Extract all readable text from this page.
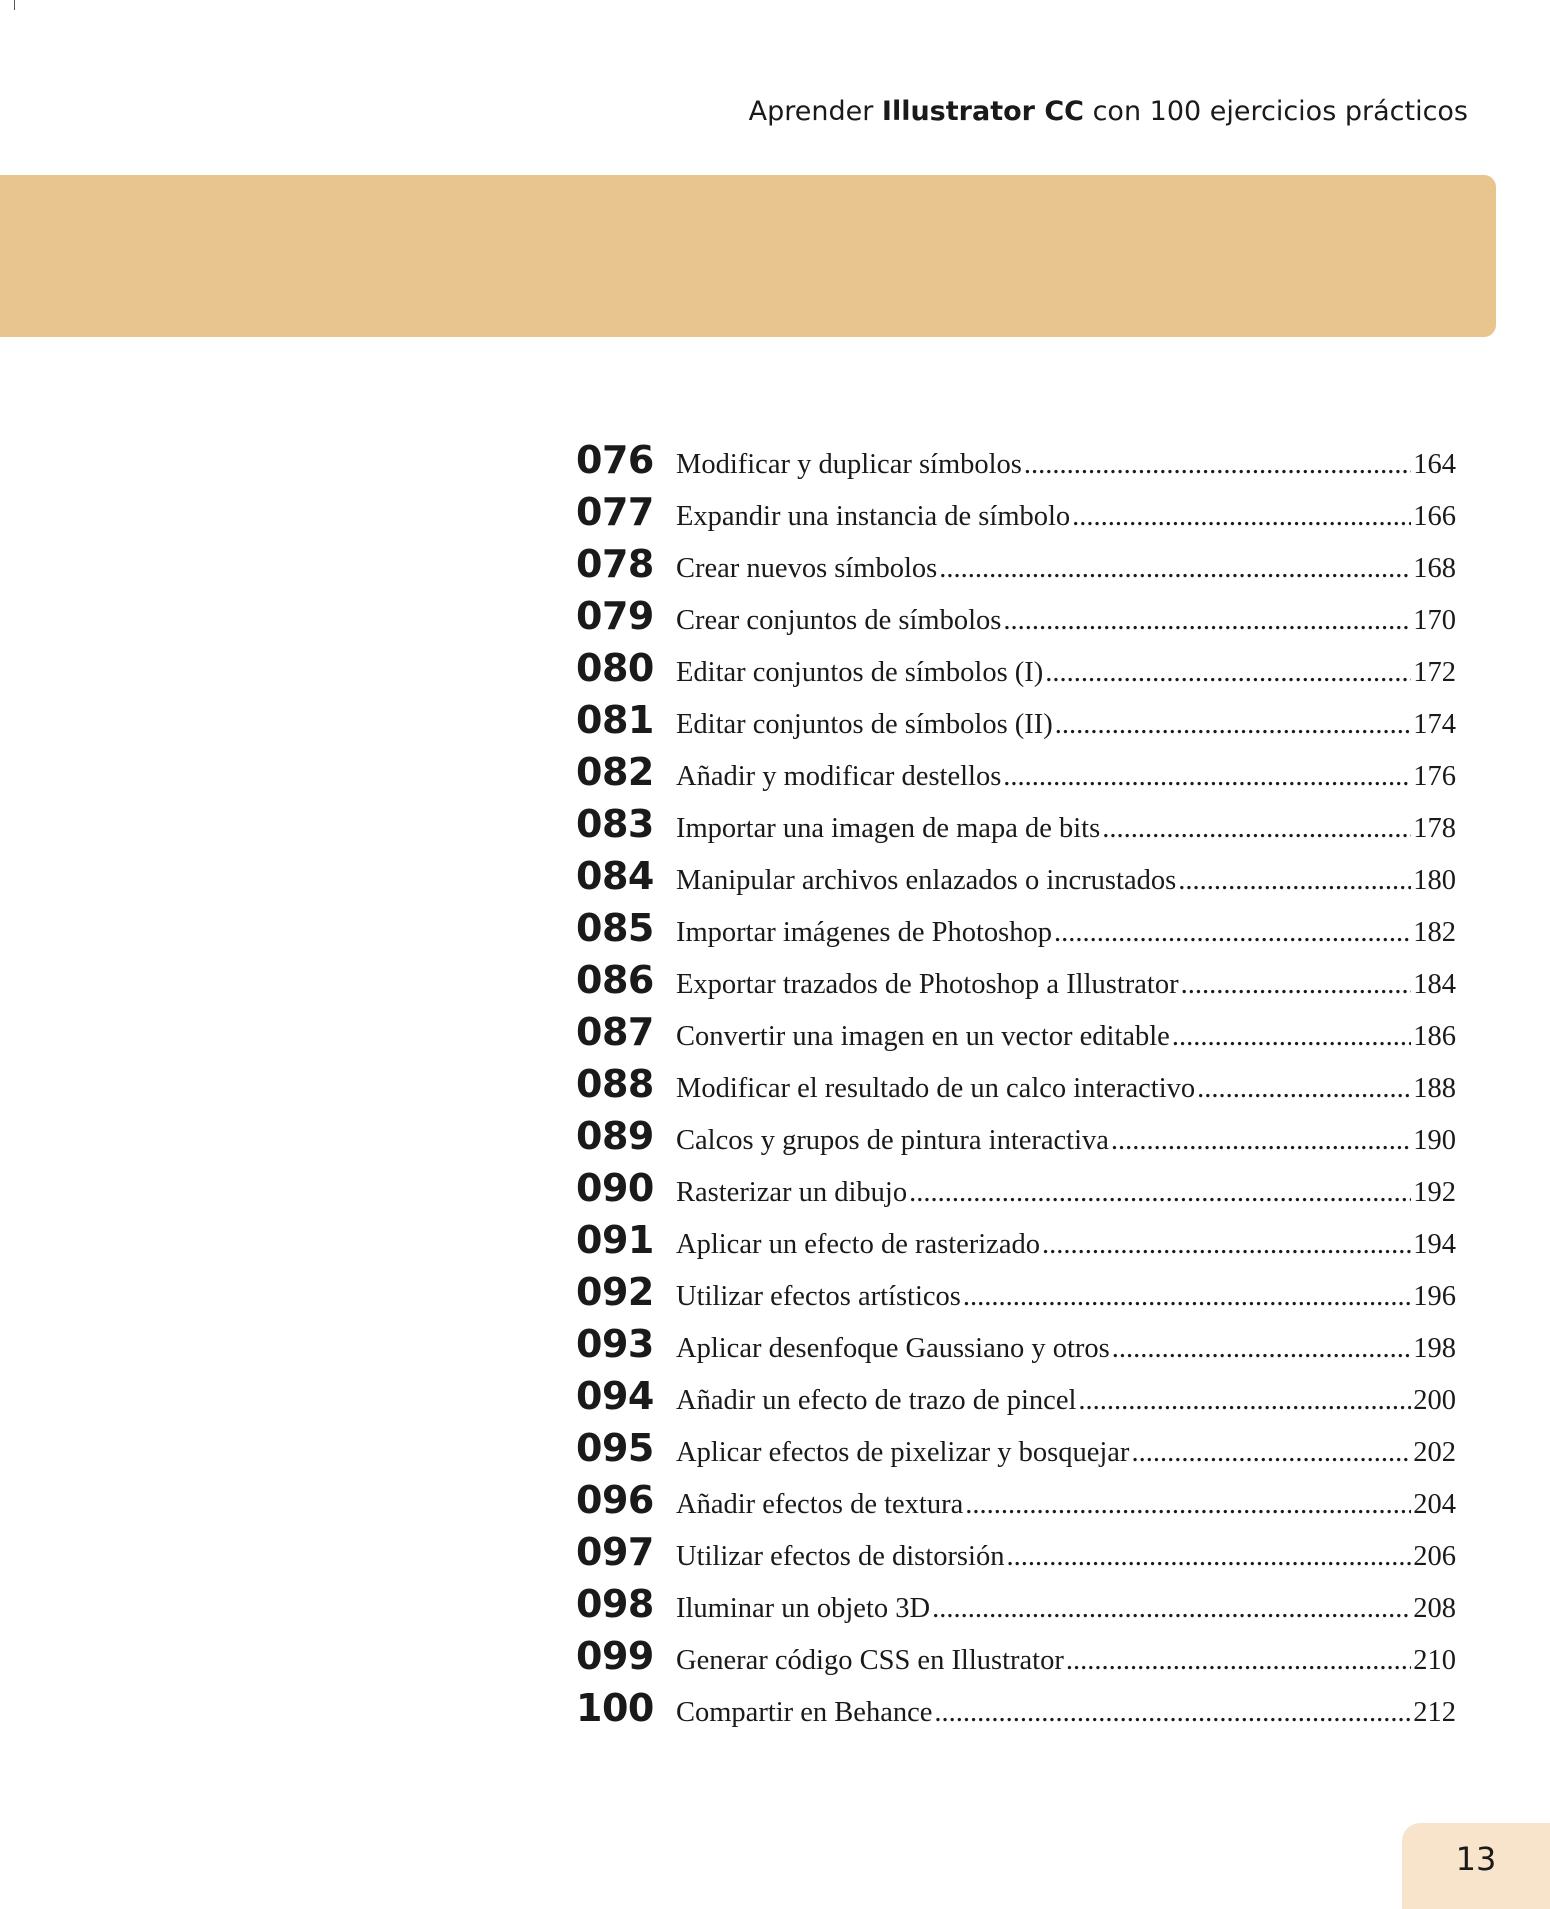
Aprender Illustrator CC con 100 ejercicios prácticos
076 Modificar y duplicar símbolos .....	164
077 Expandir una instancia de símbolo .....	166
078 Crear nuevos símbolos .....	168
079 Crear conjuntos de símbolos .....	170
080 Editar conjuntos de símbolos (I) .....	172
081 Editar conjuntos de símbolos (II) .....	174
082 Añadir y modificar destellos .....	176
083 Importar una imagen de mapa de bits .....	178
084 Manipular archivos enlazados o incrustados .....	180
085 Importar imágenes de Photoshop .....	182
086 Exportar trazados de Photoshop a Illustrator .....	184
087 Convertir una imagen en un vector editable .....	186
088 Modificar el resultado de un calco interactivo .....	188
089 Calcos y grupos de pintura interactiva .....	190
090 Rasterizar un dibujo .....	192
091 Aplicar un efecto de rasterizado .....	194
092 Utilizar efectos artísticos .....	196
093 Aplicar desenfoque Gaussiano y otros .....	198
094 Añadir un efecto de trazo de pincel .....	200
095 Aplicar efectos de pixelizar y bosquejar .....	202
096 Añadir efectos de textura .....	204
097 Utilizar efectos de distorsión .....	206
098 Iluminar un objeto 3D .....	208
099 Generar código CSS en Illustrator .....	210
100 Compartir en Behance .....	212
13
